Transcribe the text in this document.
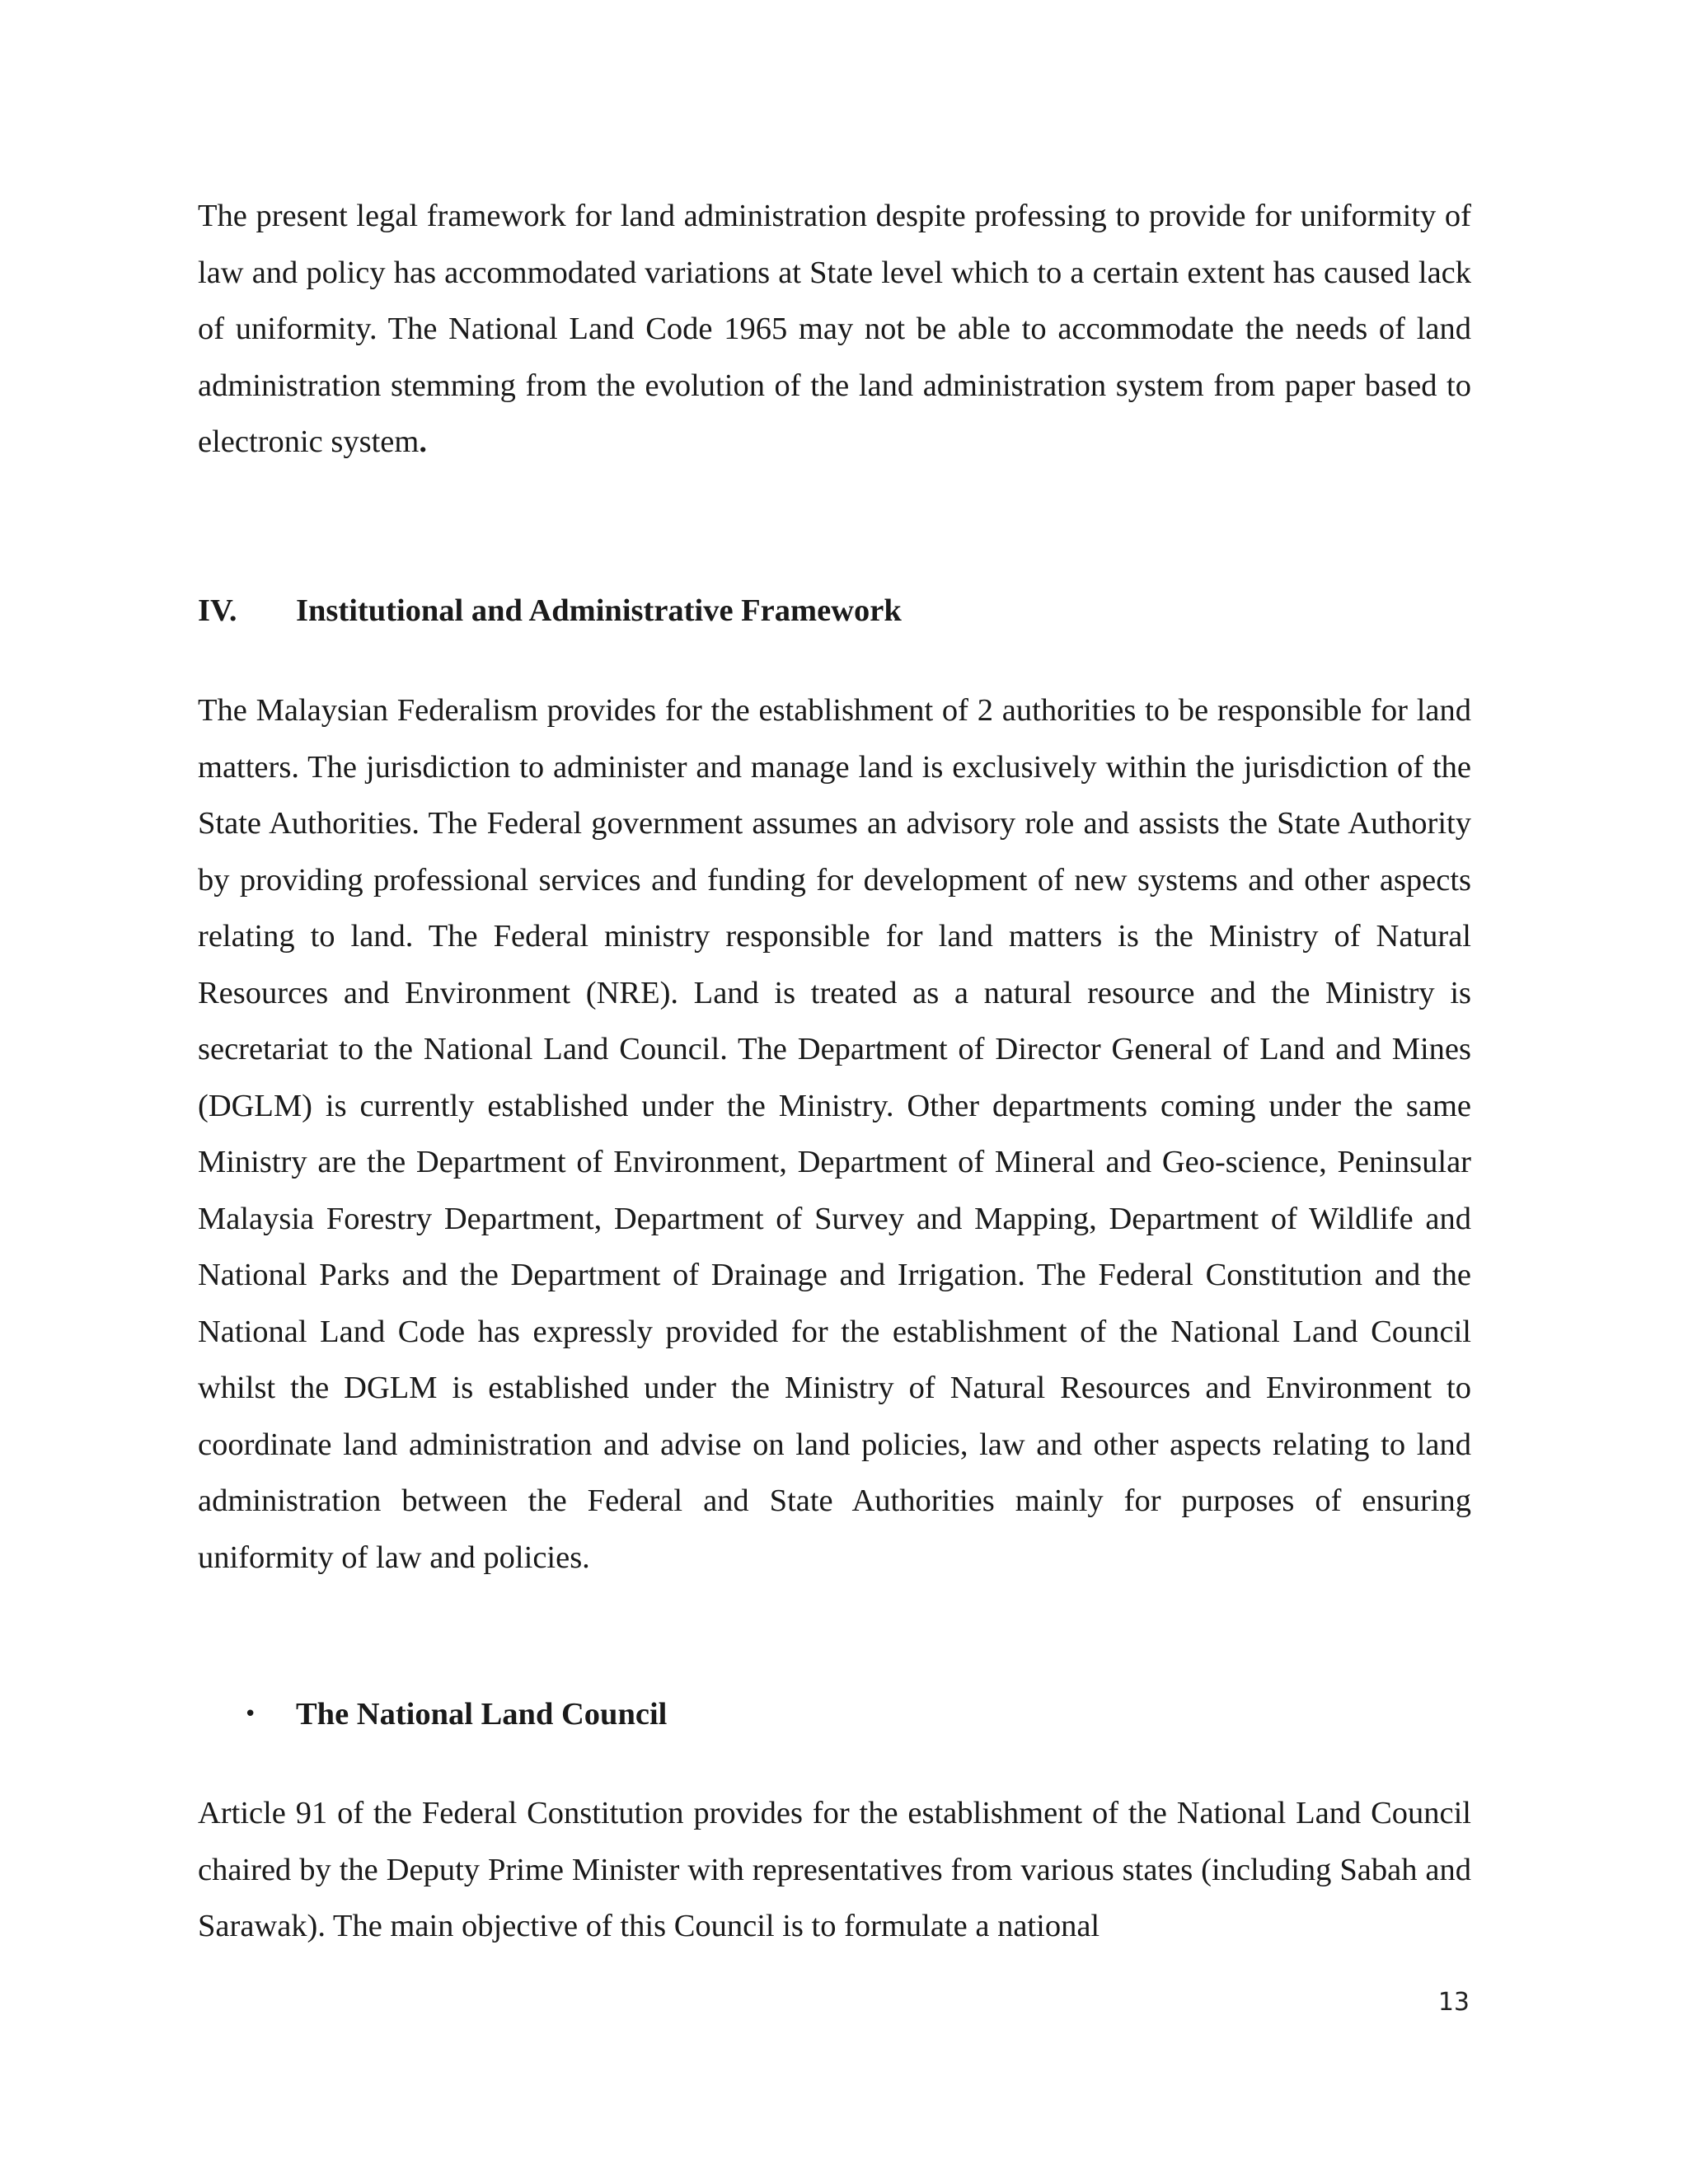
The present legal framework for land administration despite professing to provide for uniformity of law and policy has accommodated variations at State level which to a certain extent has caused lack of uniformity. The National Land Code 1965 may not be able to accommodate the needs of land administration stemming from the evolution of the land administration system from paper based to electronic system.

IV. Institutional and Administrative Framework

The Malaysian Federalism provides for the establishment of 2 authorities to be responsible for land matters. The jurisdiction to administer and manage land is exclusively within the jurisdiction of the State Authorities. The Federal government assumes an advisory role and assists the State Authority by providing professional services and funding for development of new systems and other aspects relating to land. The Federal ministry responsible for land matters is the Ministry of Natural Resources and Environment (NRE). Land is treated as a natural resource and the Ministry is secretariat to the National Land Council. The Department of Director General of Land and Mines (DGLM) is currently established under the Ministry. Other departments coming under the same Ministry are the Department of Environment, Department of Mineral and Geo-science, Peninsular Malaysia Forestry Department, Department of Survey and Mapping, Department of Wildlife and National Parks and the Department of Drainage and Irrigation. The Federal Constitution and the National Land Code has expressly provided for the establishment of the National Land Council whilst the DGLM is established under the Ministry of Natural Resources and Environment to coordinate land administration and advise on land policies, law and other aspects relating to land administration between the Federal and State Authorities mainly for purposes of ensuring uniformity of law and policies.

• The National Land Council

Article 91 of the Federal Constitution provides for the establishment of the National Land Council chaired by the Deputy Prime Minister with representatives from various states (including Sabah and Sarawak). The main objective of this Council is to formulate a national

13
